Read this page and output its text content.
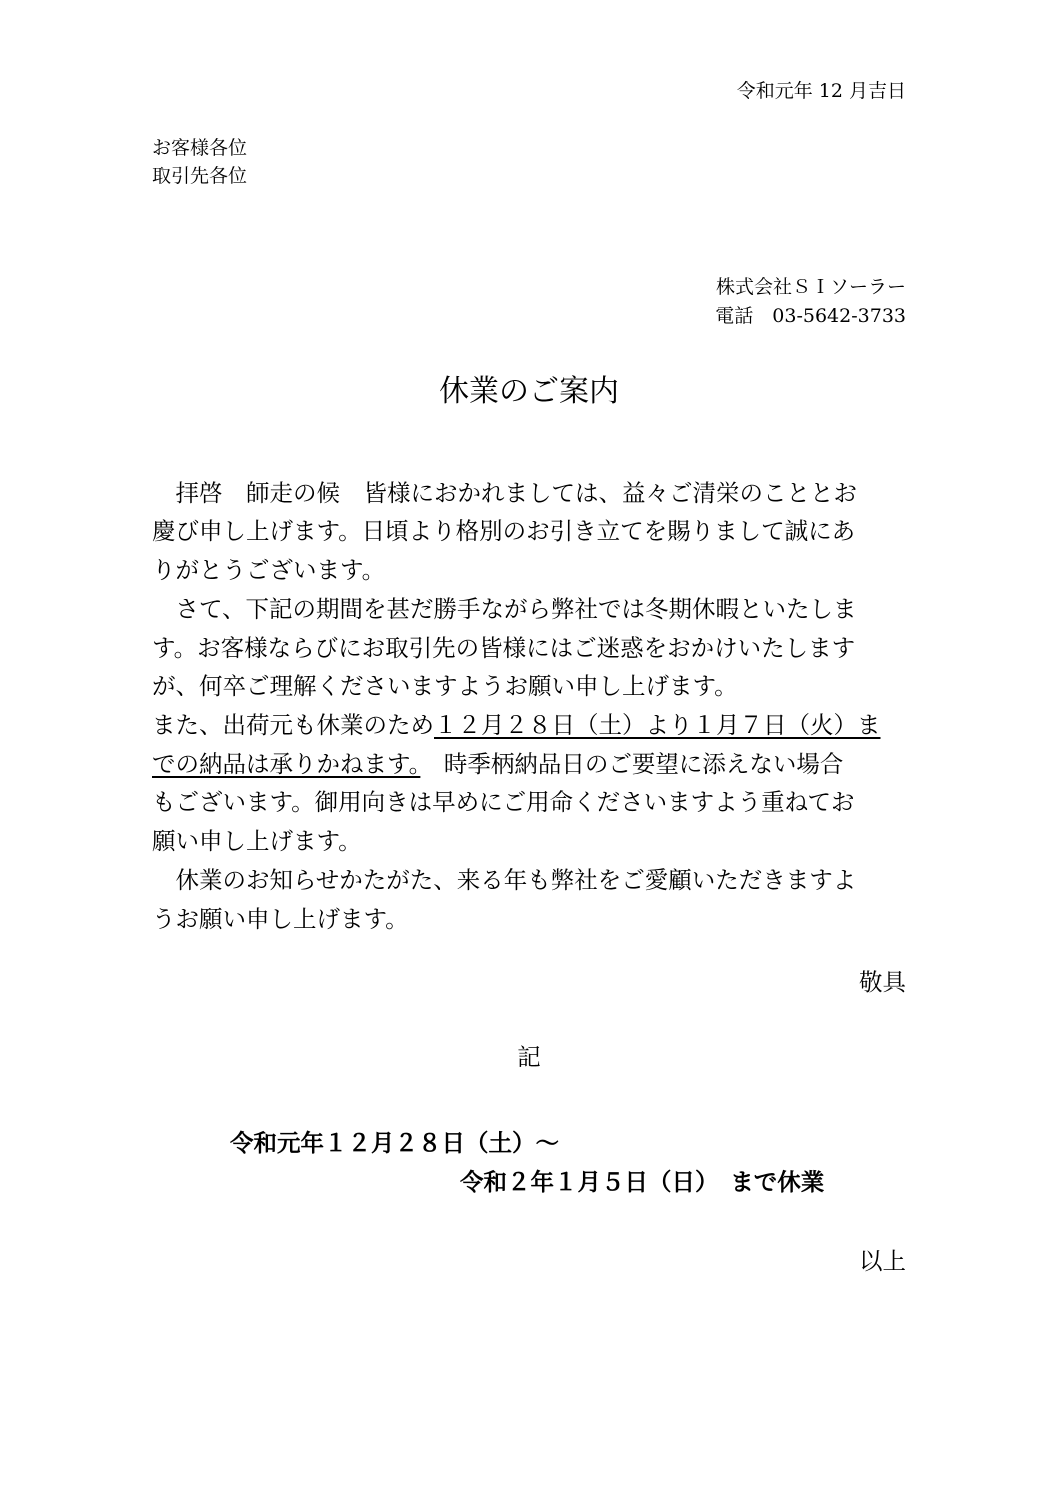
令和元年 12 月吉日
お客様各位
取引先各位
株式会社ＳＩソーラー
電話　 03-5642-3733
休業のご案内
　拝啓　師走の候　皆様におかれましては、益々ご清栄のこととお
慶び申し上げます。日頃より格別のお引き立てを賜りまして誠にあ
りがとうございます。
　さて、下記の期間を甚だ勝手ながら弊社では冬期休暇といたしま
す。お客様ならびにお取引先の皆様にはご迷惑をおかけいたします
が、何卒ご理解くださいますようお願い申し上げます。
また、出荷元も休業のため１２月２８日（土）より１月７日（火）ま
での納品は承りかねます。　時季柄納品日のご要望に添えない場合
もございます。御用向きは早めにご用命くださいますよう重ねてお
願い申し上げます。
　休業のお知らせかたがた、来る年も弊社をご愛顧いただきますよ
うお願い申し上げます。
敬具
記
令和元年１２月２８日（土）～
令和２年１月５日（日）　まで休業
以上
